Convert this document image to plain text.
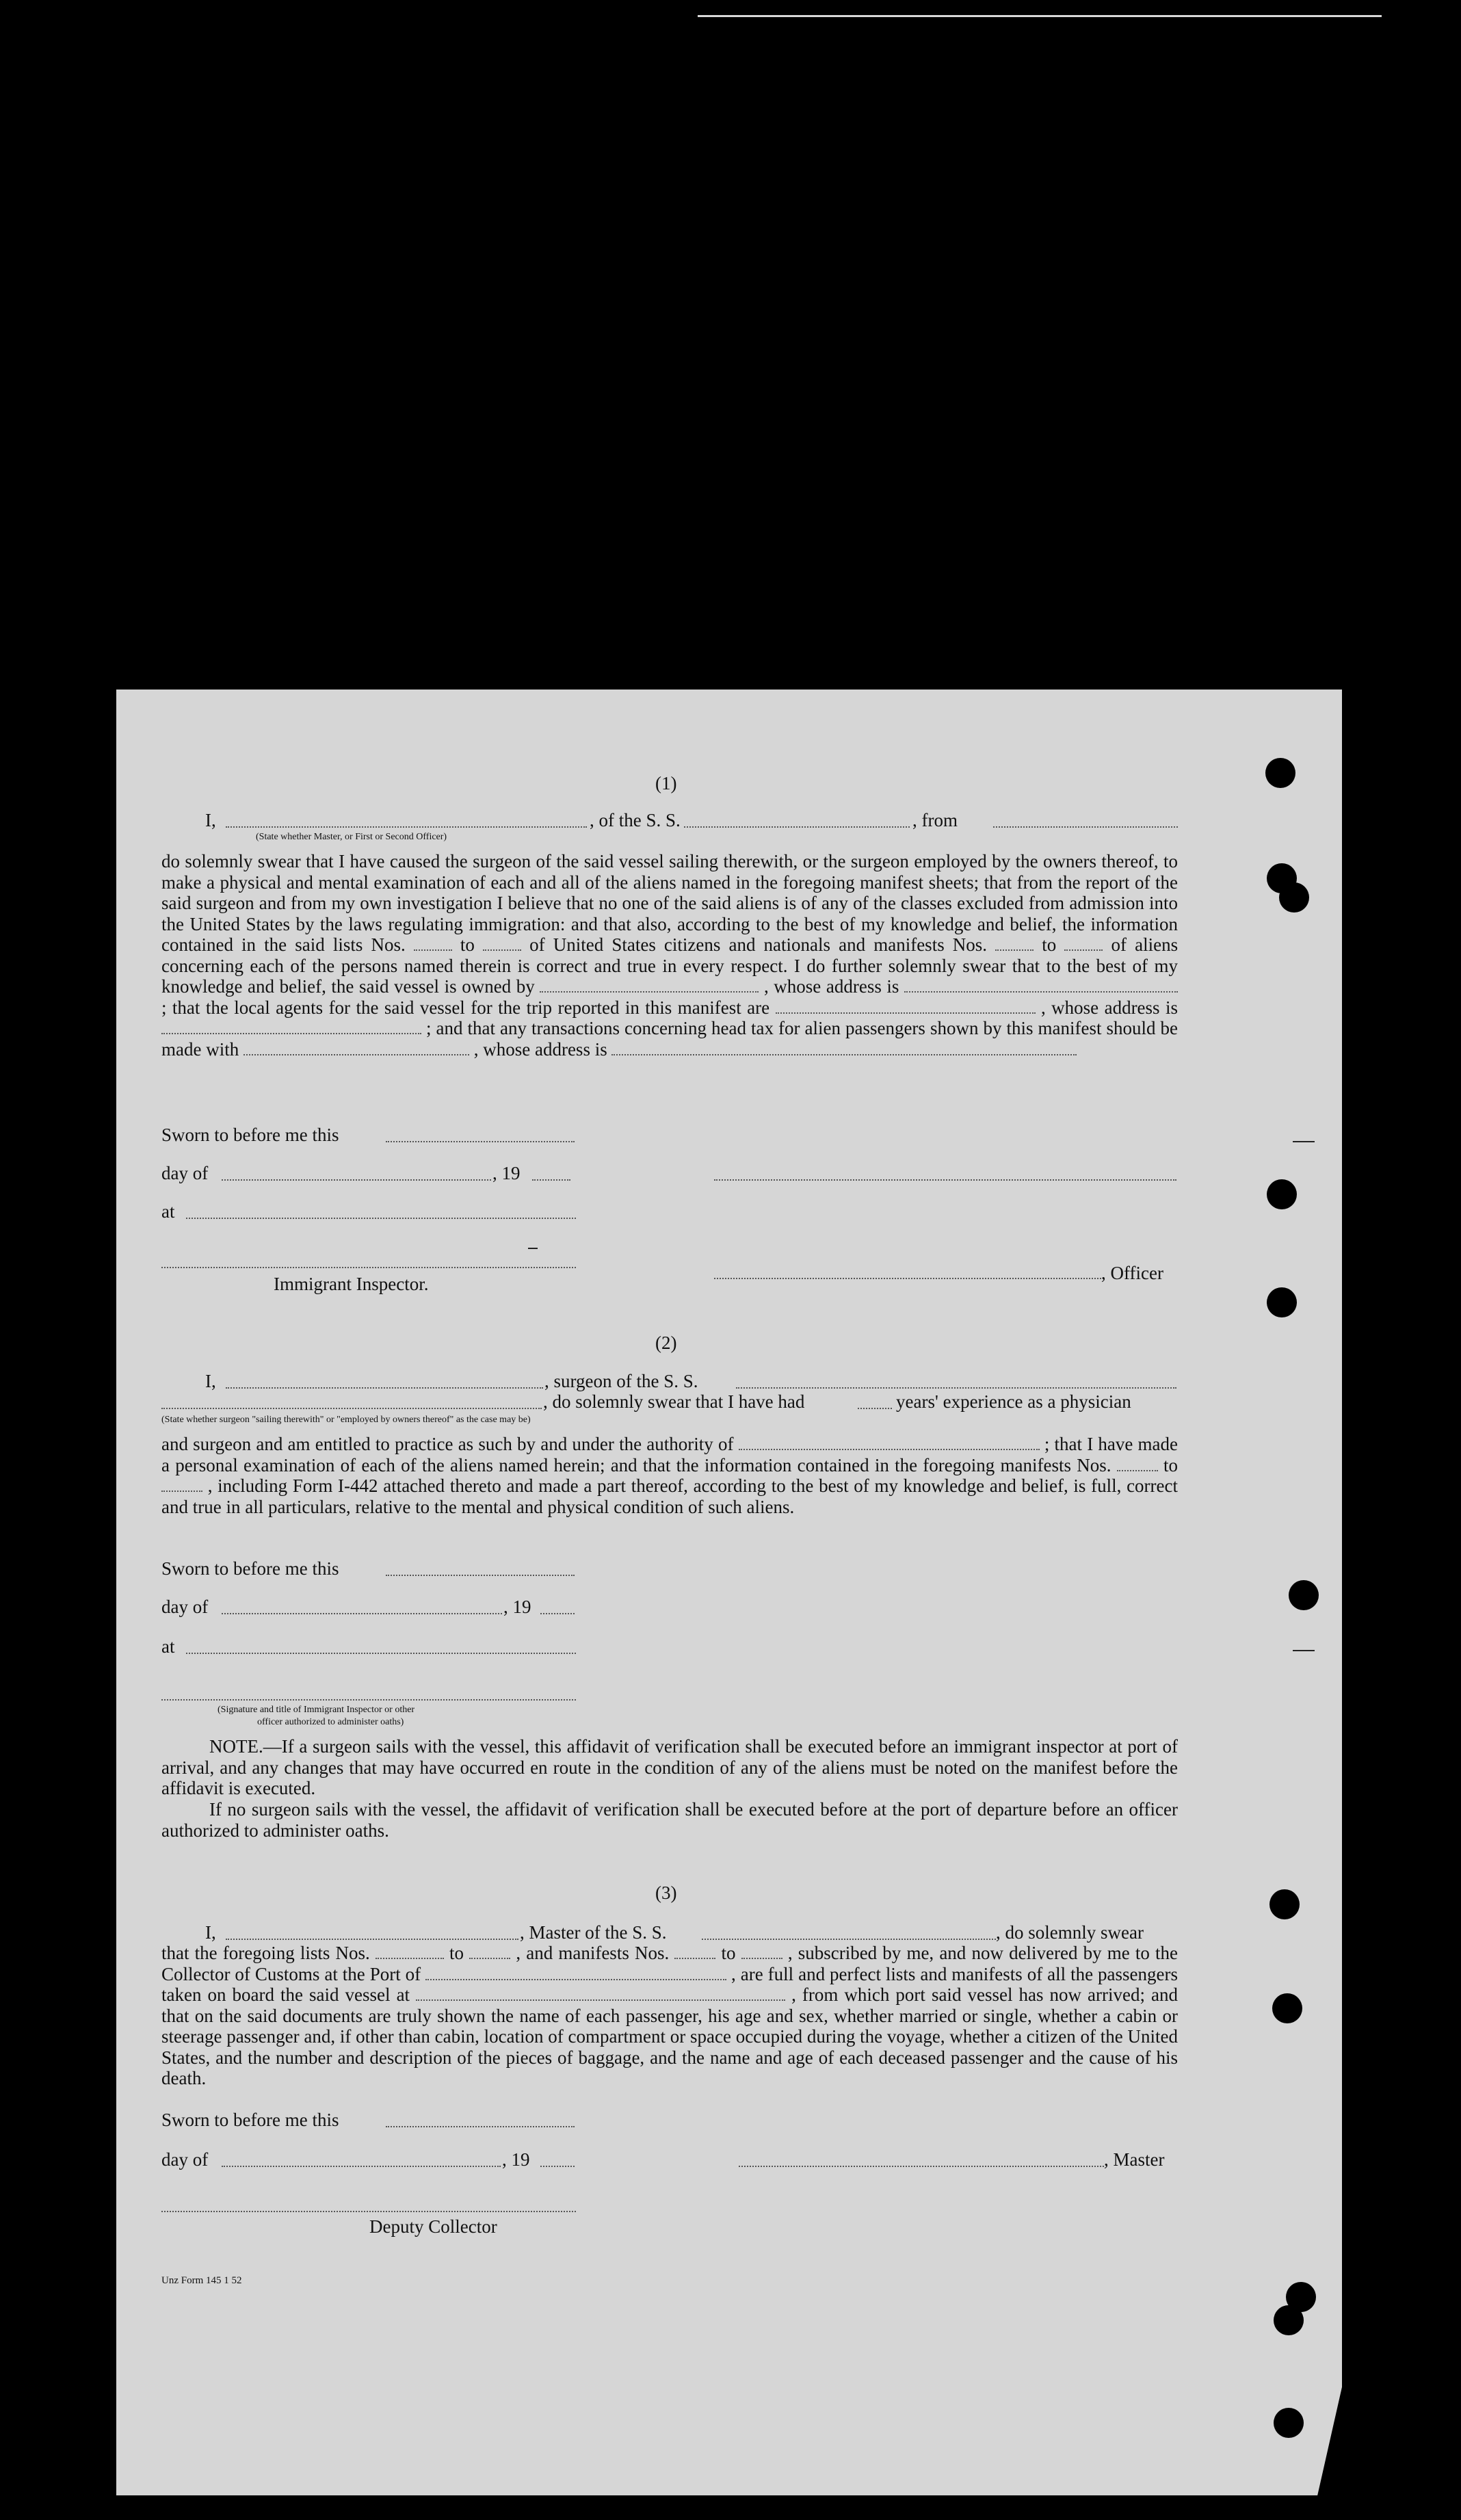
(1)
I,	, of the S. S.	, from
(State whether Master, or First or Second Officer)
do solemnly swear that I have caused the surgeon of the said vessel sailing therewith, or the surgeon employed by the owners thereof, to make a physical and mental examination of each and all of the aliens named in the foregoing manifest sheets; that from the report of the said surgeon and from my own investigation I believe that no one of the said aliens is of any of the classes excluded from admission into the United States by the laws regulating immigration: and that also, according to the best of my knowledge and belief, the information contained in the said lists Nos.	to	of United States citizens and nationals and manifests Nos.	to	of aliens concerning each of the persons named therein is correct and true in every respect. I do further solemnly swear that to the best of my knowledge and belief, the said vessel is owned by	, whose address is  ; that the local agents for the said vessel for the trip reported in this manifest are	, whose address is  ; and that any transactions concerning head tax for alien passengers shown by this manifest should be made with	, whose address is
Sworn to before me this
day of	, 19
at
Immigrant Inspector.
, Officer
(2)
I,	, surgeon of the S. S.
, do solemnly swear that I have had	years' experience as a physician
(State whether surgeon "sailing therewith" or "employed by owners thereof" as the case may be)
and surgeon and am entitled to practice as such by and under the authority of	; that I have made a personal examination of each of the aliens named herein; and that the information contained in the foregoing manifests Nos.	to  , including Form I-442 attached thereto and made a part thereof, according to the best of my knowledge and belief, is full, correct and true in all particulars, relative to the mental and physical condition of such aliens.
Sworn to before me this
day of	, 19
at
(Signature and title of Immigrant Inspector or other
officer authorized to administer oaths)
NOTE.—If a surgeon sails with the vessel, this affidavit of verification shall be executed before an immigrant inspector at port of arrival, and any changes that may have occurred en route in the condition of any of the aliens must be noted on the manifest before the affidavit is executed.
If no surgeon sails with the vessel, the affidavit of verification shall be executed before at the port of departure before an officer authorized to administer oaths.
(3)
I,	, Master of the S. S.	, do solemnly swear
that the foregoing lists Nos.	to	, and manifests Nos.	to	, subscribed by me, and now delivered by me to the Collector of Customs at the Port of	, are full and perfect lists and manifests of all the passengers taken on board the said vessel at	, from which port said vessel has now arrived; and that on the said documents are truly shown the name of each passenger, his age and sex, whether married or single, whether a cabin or steerage passenger and, if other than cabin, location of compartment or space occupied during the voyage, whether a citizen of the United States, and the number and description of the pieces of baggage, and the name and age of each deceased passenger and the cause of his death.
Sworn to before me this
day of	, 19	, Master
Deputy Collector
Unz Form 145 1 52
